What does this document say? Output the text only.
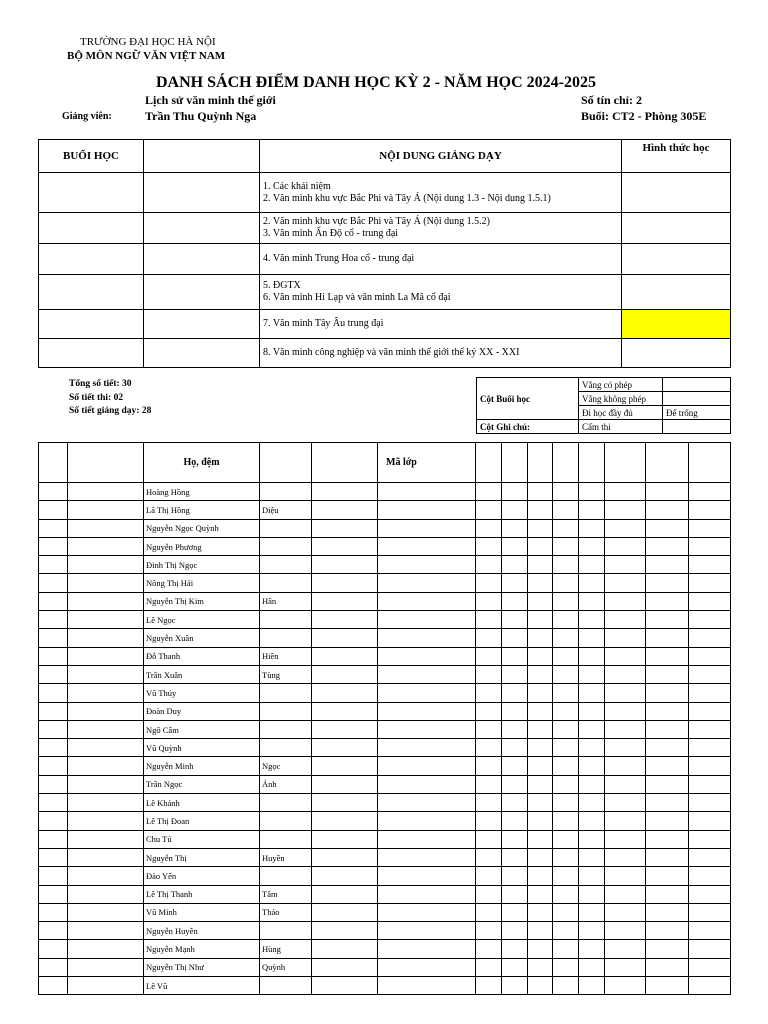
TRƯỜNG ĐẠI HỌC HÀ NỘI
BỘ MÔN NGỮ VĂN VIỆT NAM
DANH SÁCH ĐIỂM DANH HỌC KỲ 2 - NĂM HỌC 2024-2025
Lịch sử văn minh thế giới	Số tín chỉ: 2
Giảng viên:	Trần Thu Quỳnh Nga	Buổi: CT2 - Phòng 305E
BUỔI HỌC		NỘI DUNG GIẢNG DẠY	Hình thức học

		1. Các khái niệm
2. Văn minh khu vực Bắc Phi và Tây Á (Nội dung 1.3 - Nội dung 1.5.1)	

		2. Văn minh khu vực Bắc Phi và Tây Á (Nội dung 1.5.2)
3. Văn minh Ấn Độ cổ - trung đại	

		4. Văn minh Trung Hoa cổ - trung đại	

		5. ĐGTX
6. Văn minh Hi Lạp và văn minh La Mã cổ đại	

		7. Văn minh Tây Âu trung đại	

		8. Văn minh công nghiệp và văn minh thế giới thế kỷ XX - XXI	

Tổng số tiết: 30
Số tiết thi: 02
Số tiết giảng dạy: 28
Cột Buổi học	Vắng có phép	
	Vắng không phép	
	Đi học đầy đủ	Để trống
Cột Ghi chú:	Cấm thi	
		Họ, đệm			Mã lớp								
		Hoàng Hồng											
		Lã Thị Hồng	Diệu										
		Nguyễn Ngọc Quỳnh											
		Nguyễn Phương											
		Đinh Thị Ngọc											
		Nông Thị Hải											
		Nguyễn Thị Kim	Hân										
		Lê Ngọc											
		Nguyễn Xuân											
		Đỗ Thanh	Hiền										
		Trần Xuân	Tùng										
		Vũ Thúy											
		Đoàn Duy											
		Ngô Cẩm											
		Vũ Quỳnh											
		Nguyễn Minh	Ngọc										
		Trần Ngọc	Ánh										
		Lê Khánh											
		Lê Thị Đoan											
		Chu Tú											
		Nguyễn Thị	Huyền										
		Đào Yến											
		Lê Thị Thanh	Tâm										
		Vũ Minh	Thảo										
		Nguyễn Huyền											
		Nguyễn Mạnh	Hùng										
		Nguyễn Thị Như	Quỳnh										
		Lê Vũ											
